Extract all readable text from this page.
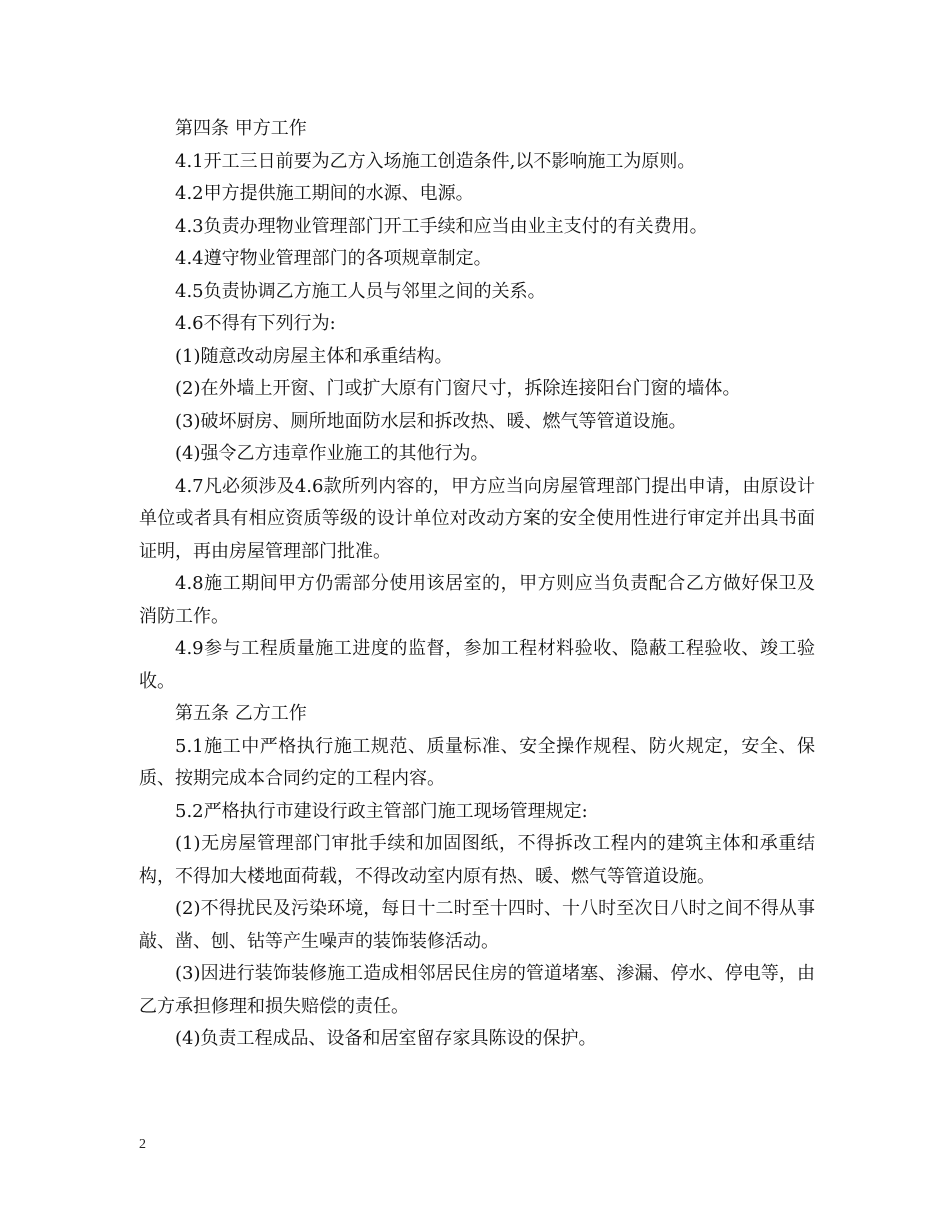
第四条 甲方工作

4.1开工三日前要为乙方入场施工创造条件,以不影响施工为原则。

4.2甲方提供施工期间的水源、电源。

4.3负责办理物业管理部门开工手续和应当由业主支付的有关费用。

4.4遵守物业管理部门的各项规章制定。

4.5负责协调乙方施工人员与邻里之间的关系。

4.6不得有下列行为:

(1)随意改动房屋主体和承重结构。

(2)在外墙上开窗、门或扩大原有门窗尺寸，拆除连接阳台门窗的墙体。

(3)破坏厨房、厕所地面防水层和拆改热、暖、燃气等管道设施。

(4)强令乙方违章作业施工的其他行为。

4.7凡必须涉及4.6款所列内容的，甲方应当向房屋管理部门提出申请，由原设计单位或者具有相应资质等级的设计单位对改动方案的安全使用性进行审定并出具书面证明，再由房屋管理部门批准。

4.8施工期间甲方仍需部分使用该居室的，甲方则应当负责配合乙方做好保卫及消防工作。

4.9参与工程质量施工进度的监督，参加工程材料验收、隐蔽工程验收、竣工验收。

第五条 乙方工作

5.1施工中严格执行施工规范、质量标准、安全操作规程、防火规定，安全、保质、按期完成本合同约定的工程内容。

5.2严格执行市建设行政主管部门施工现场管理规定:

(1)无房屋管理部门审批手续和加固图纸，不得拆改工程内的建筑主体和承重结构，不得加大楼地面荷载，不得改动室内原有热、暖、燃气等管道设施。

(2)不得扰民及污染环境，每日十二时至十四时、十八时至次日八时之间不得从事敲、凿、刨、钻等产生噪声的装饰装修活动。

(3)因进行装饰装修施工造成相邻居民住房的管道堵塞、渗漏、停水、停电等，由乙方承担修理和损失赔偿的责任。

(4)负责工程成品、设备和居室留存家具陈设的保护。

2
